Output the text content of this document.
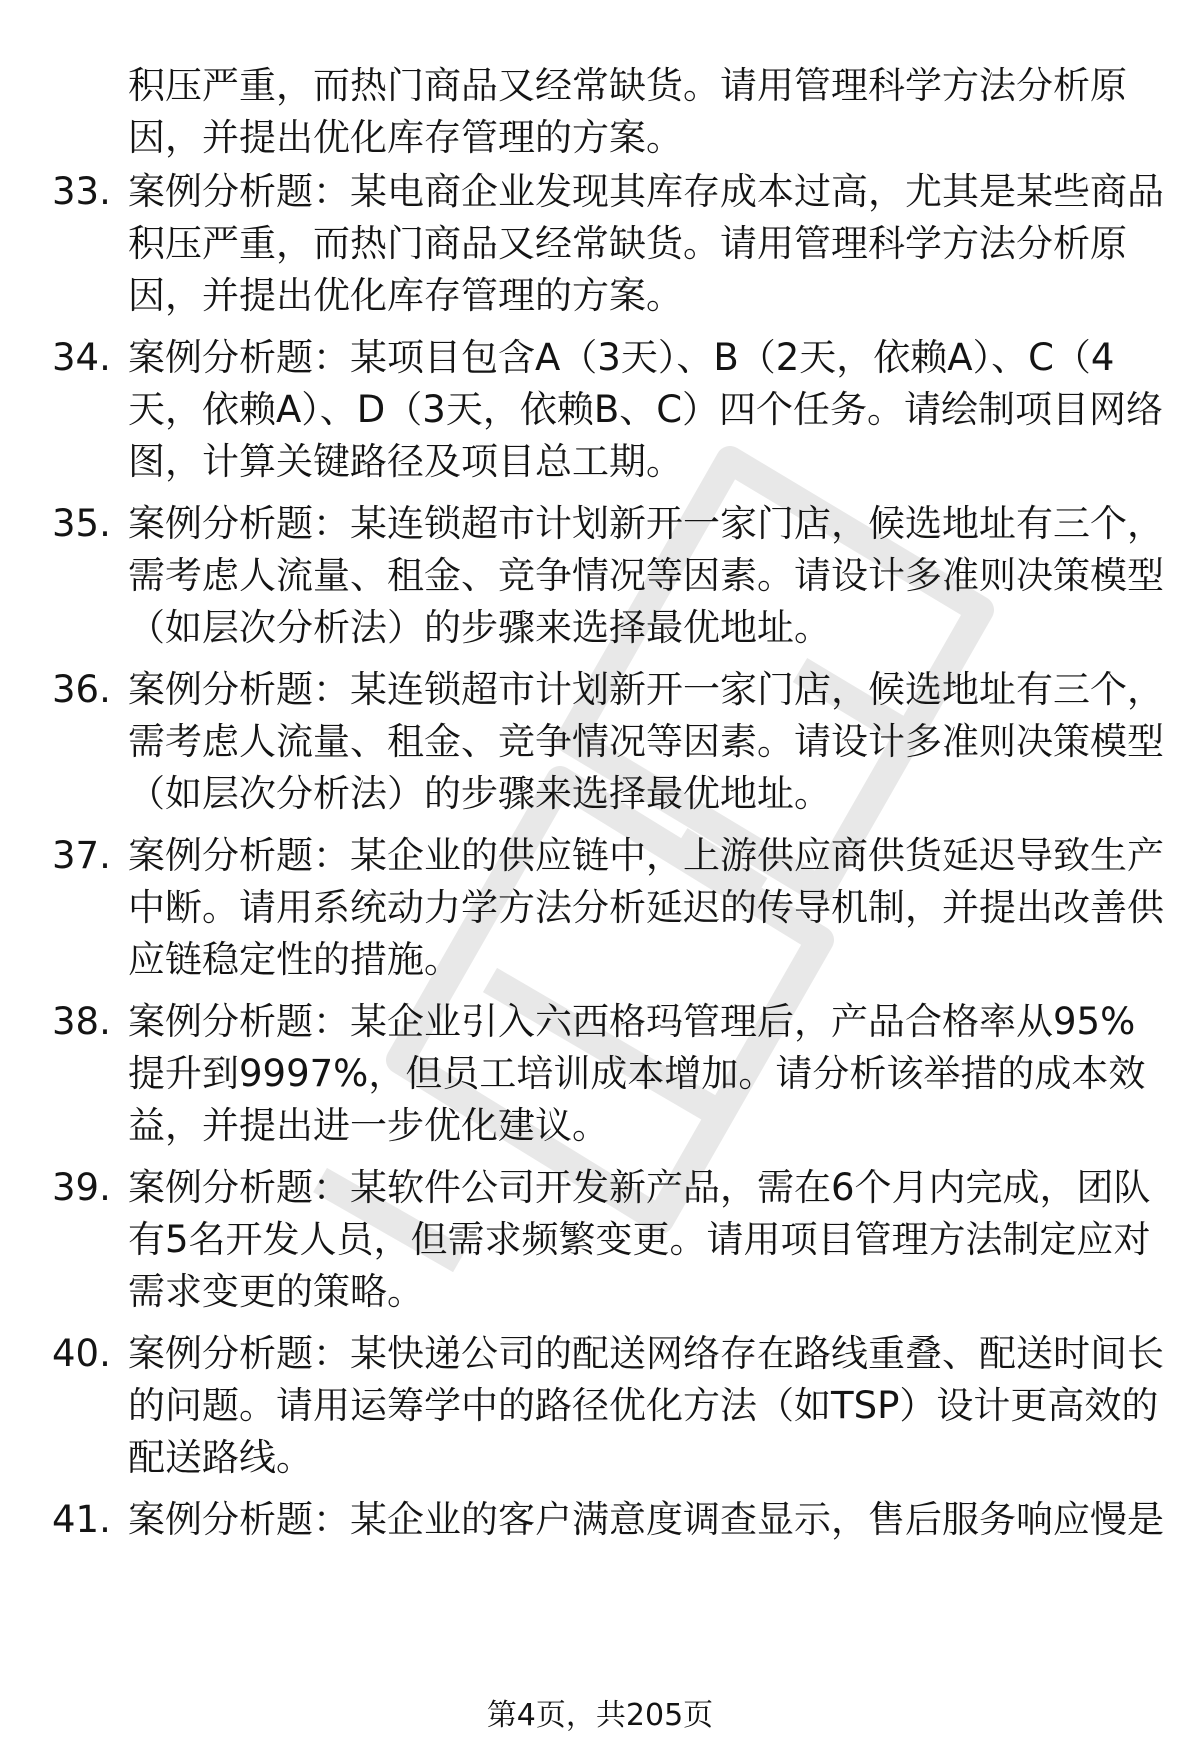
积压严重，而热门商品又经常缺货。请用管理科学方法分析原因，并提出优化库存管理的方案。
33. 案例分析题：某电商企业发现其库存成本过高，尤其是某些商品积压严重，而热门商品又经常缺货。请用管理科学方法分析原因，并提出优化库存管理的方案。
34. 案例分析题：某项目包含A（3天）、B（2天，依赖A）、C（4天，依赖A）、D（3天，依赖B、C）四个任务。请绘制项目网络图，计算关键路径及项目总工期。
35. 案例分析题：某连锁超市计划新开一家门店，候选地址有三个，需考虑人流量、租金、竞争情况等因素。请设计多准则决策模型（如层次分析法）的步骤来选择最优地址。
36. 案例分析题：某连锁超市计划新开一家门店，候选地址有三个，需考虑人流量、租金、竞争情况等因素。请设计多准则决策模型（如层次分析法）的步骤来选择最优地址。
37. 案例分析题：某企业的供应链中，上游供应商供货延迟导致生产中断。请用系统动力学方法分析延迟的传导机制，并提出改善供应链稳定性的措施。
38. 案例分析题：某企业引入六西格玛管理后，产品合格率从95%提升到9997%，但员工培训成本增加。请分析该举措的成本效益，并提出进一步优化建议。
39. 案例分析题：某软件公司开发新产品，需在6个月内完成，团队有5名开发人员，但需求频繁变更。请用项目管理方法制定应对需求变更的策略。
40. 案例分析题：某快递公司的配送网络存在路线重叠、配送时间长的问题。请用运筹学中的路径优化方法（如TSP）设计更高效的配送路线。
41. 案例分析题：某企业的客户满意度调查显示，售后服务响应慢是
第4页，共205页
